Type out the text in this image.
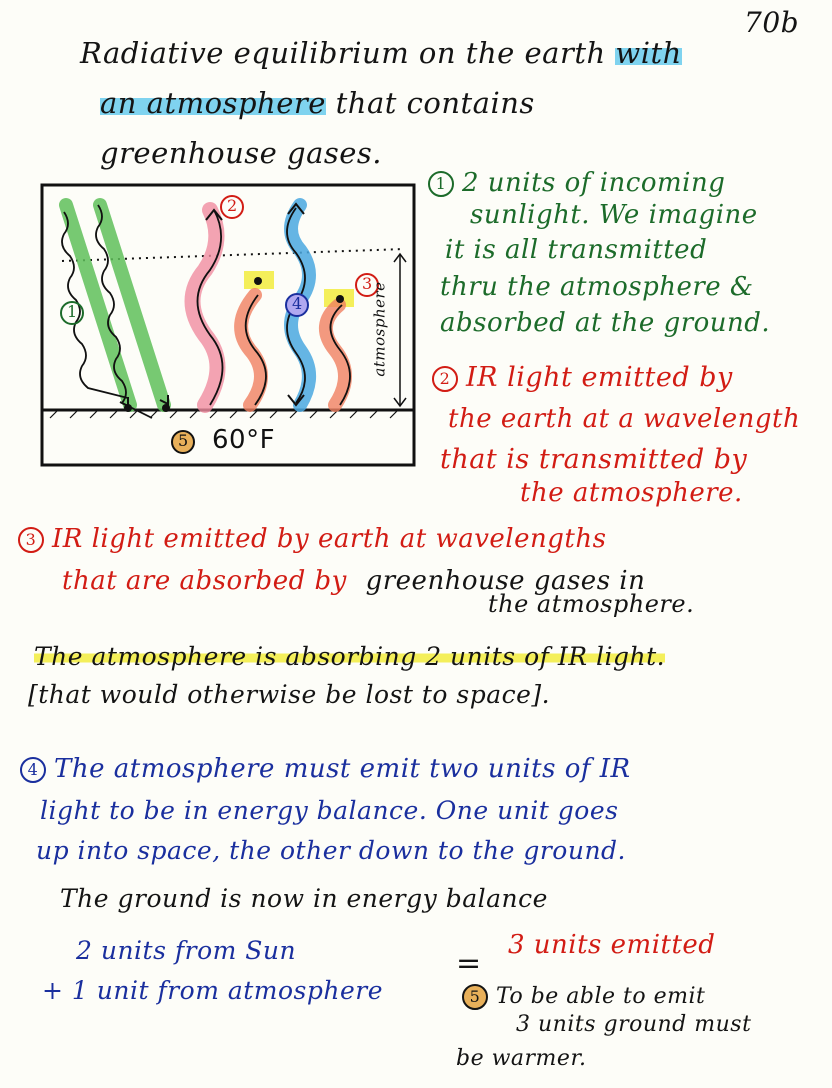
1
2
3
4
5 60°F
atmosphere
70b
Radiative equilibrium on the earth with
an atmosphere that contains
greenhouse gases.
1 2 units of incoming
sunlight. We imagine
it is all transmitted
thru the atmosphere &
absorbed at the ground.
2 IR light emitted by
the earth at a wavelength
that is transmitted by
the atmosphere.
3 IR light emitted by earth at wavelengths
that are absorbed by greenhouse gases in
the atmosphere.
The atmosphere is absorbing 2 units of IR light.
[that would otherwise be lost to space].
4 The atmosphere must emit two units of IR
light to be in energy balance. One unit goes
up into space, the other down to the ground.
The ground is now in energy balance
2 units from Sun
+ 1 unit from atmosphere
=
3 units emitted
5 To be able to emit
3 units ground must
be warmer.
